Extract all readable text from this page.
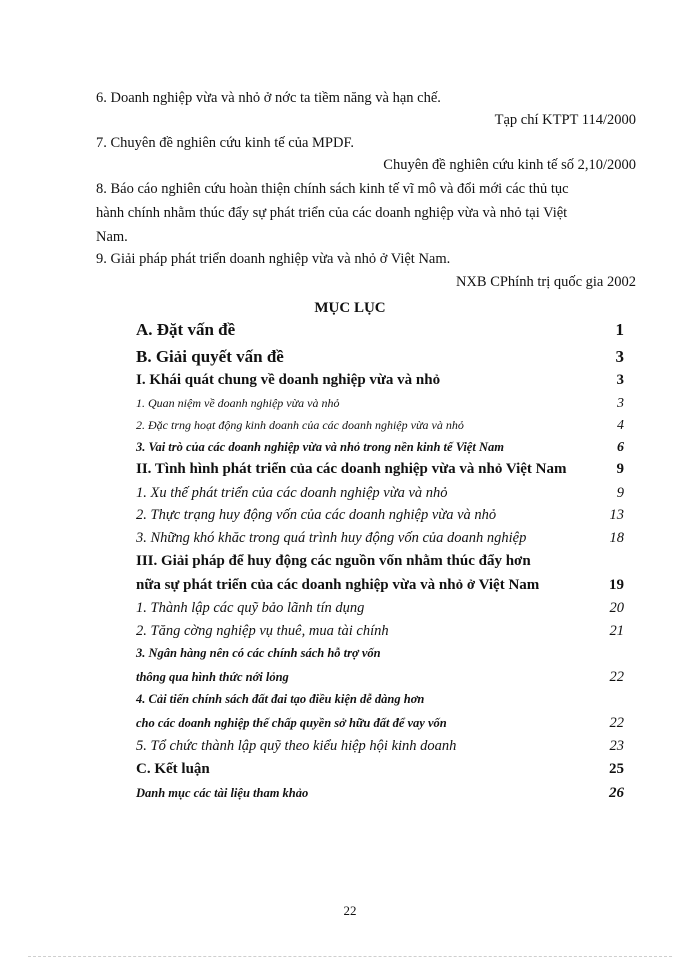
6. Doanh nghiệp vừa và nhỏ ở nớc ta tiềm năng và hạn chế.
Tạp chí KTPT 114/2000
7. Chuyên đề nghiên cứu kinh tế của MPDF.
Chuyên đề nghiên cứu kinh tế số 2,10/2000
8. Báo cáo nghiên cứu hoàn thiện chính sách kinh tế vĩ mô và đổi mới các thủ tục
hành chính nhằm thúc đẩy sự phát triển của các doanh nghiệp vừa và nhỏ tại Việt
Nam.
9. Giải pháp phát triển doanh nghiệp vừa và nhỏ ở Việt Nam.
NXB CPhính trị quốc gia 2002
MỤC LỤC
A. Đặt vấn đề	1
B. Giải quyết vấn đề	3
I. Khái quát chung về doanh nghiệp vừa và nhỏ	3
1. Quan niệm về doanh nghiệp vừa và nhỏ	3
2. Đặc trng hoạt động kinh doanh của các doanh nghiệp vừa và nhỏ	4
3. Vai trò của các doanh nghiệp vừa và nhỏ trong nền kinh tế Việt Nam	6
II. Tình hình phát triển của các doanh nghiệp vừa và nhỏ Việt Nam	9
1. Xu thế phát triển của các doanh nghiệp vừa và nhỏ	9
2. Thực trạng huy động vốn của các doanh nghiệp vừa và nhỏ	13
3. Những khó khăc trong quá trình huy động vốn của doanh nghiệp	18
III. Giải pháp để huy động các nguồn vốn nhằm thúc đẩy hơn
nữa sự phát triển của các doanh nghiệp vừa và nhỏ ở Việt Nam	19
1. Thành lập các quỹ bảo lãnh tín dụng	20
2. Tăng cờng nghiệp vụ thuê, mua tài chính	21
3. Ngân hàng nên có các chính sách hỗ trợ vốn
thông qua hình thức nới lỏng	22
4. Cải tiến chính sách đất đai tạo điều kiện dễ dàng hơn
cho các doanh nghiệp thế chấp quyền sở hữu đất để vay vốn	22
5. Tổ chức thành lập quỹ theo kiểu hiệp hội kinh doanh	23
C. Kết luận	25
Danh mục các tài liệu tham khảo	26
22
